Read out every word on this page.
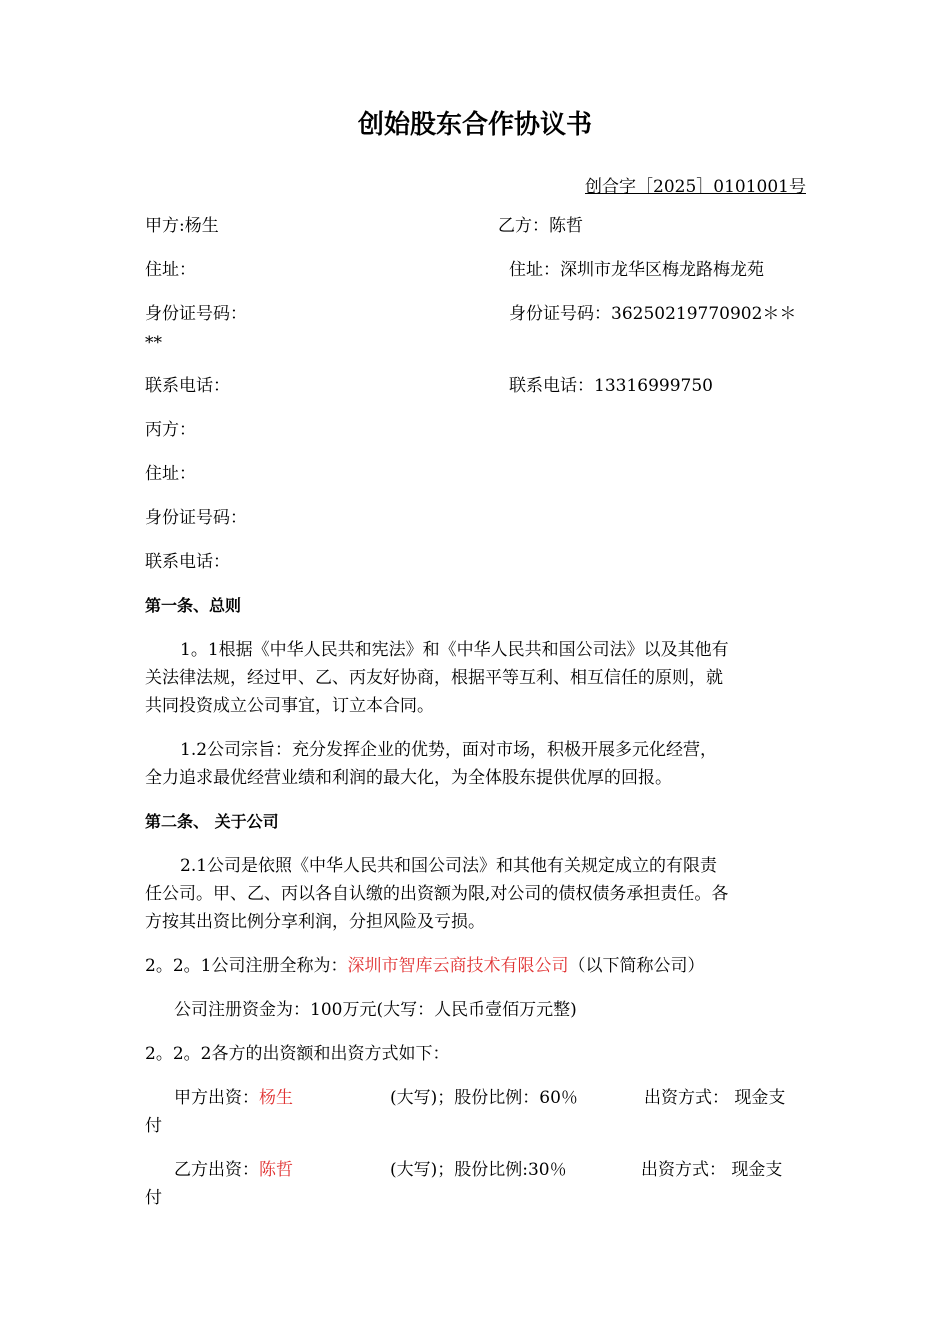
创始股东合作协议书
创合字［2025］0101001号
甲方:杨生	乙方：陈哲
住址：	住址：深圳市龙华区梅龙路梅龙苑
身份证号码：	身份证号码：36250219770902＊＊
**
联系电话：	联系电话：13316999750
丙方：
住址：
身份证号码：
联系电话：
第一条、总则
1。1根据《中华人民共和宪法》和《中华人民共和国公司法》以及其他有
关法律法规，经过甲、乙、丙友好协商，根据平等互利、相互信任的原则，就
共同投资成立公司事宜，订立本合同。
1.2公司宗旨：充分发挥企业的优势，面对市场，积极开展多元化经营，
全力追求最优经营业绩和利润的最大化，为全体股东提供优厚的回报。
第二条、 关于公司
2.1公司是依照《中华人民共和国公司法》和其他有关规定成立的有限责
任公司。甲、乙、丙以各自认缴的出资额为限,对公司的债权债务承担责任。各
方按其出资比例分享利润，分担风险及亏损。
2。2。1公司注册全称为：深圳市智库云商技术有限公司（以下简称公司）
公司注册资金为：100万元(大写：人民币壹佰万元整)
2。2。2各方的出资额和出资方式如下：
甲方出资：杨生	(大写)；股份比例：60％	出资方式： 现金支
付
乙方出资：陈哲	(大写)；股份比例:30％	出资方式： 现金支
付
